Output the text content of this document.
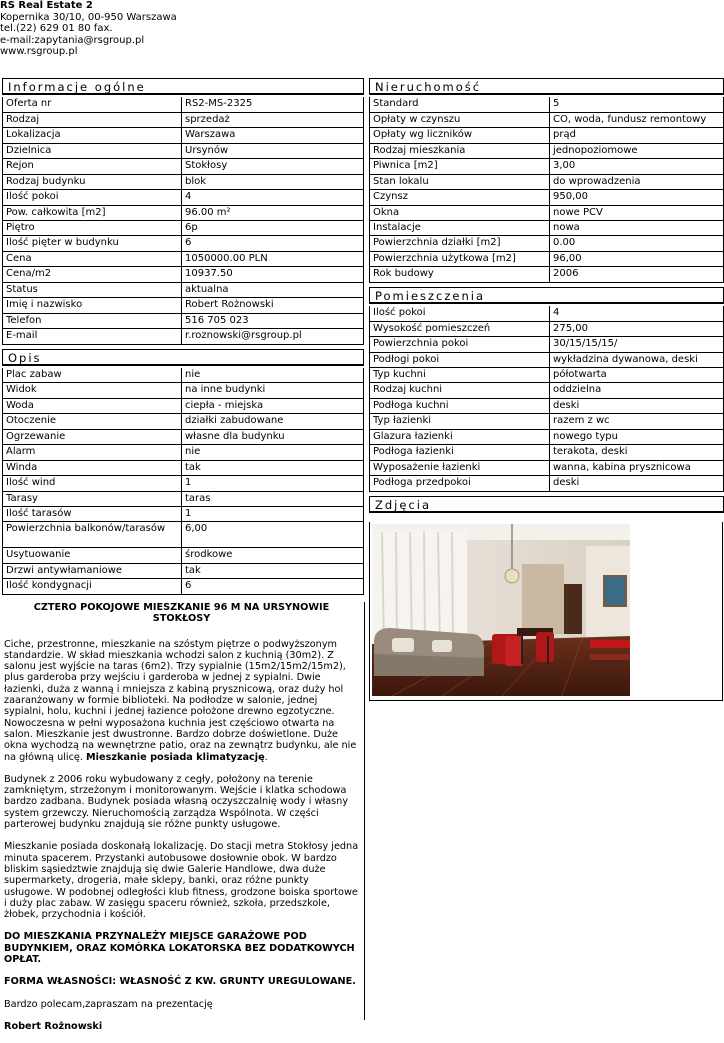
RS Real Estate 2
Kopernika 30/10, 00-950 Warszawa
tel.(22) 629 01 80 fax.
e-mail:zapytania@rsgroup.pl
www.rsgroup.pl
Informacje ogólne
Oferta nr	RS2-MS-2325
Rodzaj	sprzedaż
Lokalizacja	Warszawa
Dzielnica	Ursynów
Rejon	Stokłosy
Rodzaj budynku	blok
Ilość pokoi	4
Pow. całkowita [m2]	96.00 m²
Piętro	6p
Ilość pięter w budynku	6
Cena	1050000.00 PLN
Cena/m2	10937.50
Status	aktualna
Imię i nazwisko	Robert Rożnowski
Telefon	516 705 023
E-mail	r.roznowski@rsgroup.pl
Opis
Plac zabaw	nie
Widok	na inne budynki
Woda	ciepła - miejska
Otoczenie	działki zabudowane
Ogrzewanie	własne dla budynku
Alarm	nie
Winda	tak
Ilość wind	1
Tarasy	taras
Ilość tarasów	1
Powierzchnia balkonów/tarasów	6,00
Usytuowanie	środkowe
Drzwi antywłamaniowe	tak
Ilość kondygnacji	6
Nieruchomość
Standard	5
Opłaty w czynszu	CO, woda, fundusz remontowy
Opłaty wg liczników	prąd
Rodzaj mieszkania	jednopoziomowe
Piwnica [m2]	3,00
Stan lokalu	do wprowadzenia
Czynsz	950,00
Okna	nowe PCV
Instalacje	nowa
Powierzchnia działki [m2]	0.00
Powierzchnia użytkowa [m2]	96,00
Rok budowy	2006
Pomieszczenia
Ilość pokoi	4
Wysokość pomieszczeń	275,00
Powierzchnia pokoi	30/15/15/15/
Podłogi pokoi	wykładzina dywanowa, deski
Typ kuchni	półotwarta
Rodzaj kuchni	oddzielna
Podłoga kuchni	deski
Typ łazienki	razem z wc
Glazura łazienki	nowego typu
Podłoga łazienki	terakota, deski
Wyposażenie łazienki	wanna, kabina prysznicowa
Podłoga przedpokoi	deski
Zdjęcia
CZTERO POKOJOWE MIESZKANIE 96 M NA URSYNOWIE STOKŁOSY

Ciche, przestronne, mieszkanie na szóstym piętrze o podwyższonym standardzie. W skład mieszkania wchodzi salon z kuchnią (30m2). Z salonu jest wyjście na taras (6m2). Trzy sypialnie (15m2/15m2/15m2), plus garderoba przy wejściu i garderoba w jednej z sypialni. Dwie łazienki, duża z wanną i mniejsza z kabiną prysznicową, oraz duży hol zaaranżowany w formie biblioteki. Na podłodze w salonie, jednej sypialni, holu, kuchni i jednej łazience położone drewno egzotyczne. Nowoczesna w pełni wyposażona kuchnia jest częściowo otwarta na salon. Mieszkanie jest dwustronne. Bardzo dobrze doświetlone. Duże okna wychodzą na wewnętrzne patio, oraz na zewnątrz budynku, ale nie na główną ulicę. Mieszkanie posiada klimatyzację.

Budynek z 2006 roku wybudowany z cegły, położony na terenie zamkniętym, strzeżonym i monitorowanym. Wejście i klatka schodowa bardzo zadbana. Budynek posiada własną oczyszczalnię wody i własny system grzewczy. Nieruchomością zarządza Wspólnota. W części parterowej budynku znajdują sie różne punkty usługowe.

Mieszkanie posiada doskonałą lokalizację. Do stacji metra Stokłosy jedna minuta spacerem. Przystanki autobusowe dosłownie obok. W bardzo bliskim sąsiedztwie znajdują się dwie Galerie Handlowe, dwa duże supermarkety, drogeria, małe sklepy, banki, oraz różne punkty usługowe. W podobnej odległości klub fitness, grodzone boiska sportowe i duży plac zabaw. W zasięgu spaceru również, szkoła, przedszkole, żłobek, przychodnia i kościół.

DO MIESZKANIA PRZYNALEŻY MIEJSCE GARAŻOWE POD BUDYNKIEM, ORAZ KOMÓRKA LOKATORSKA BEZ DODATKOWYCH OPŁAT.

FORMA WŁASNOŚCI: WŁASNOŚĆ Z KW. GRUNTY UREGULOWANE.

Bardzo polecam,zapraszam na prezentację

Robert Rożnowski
